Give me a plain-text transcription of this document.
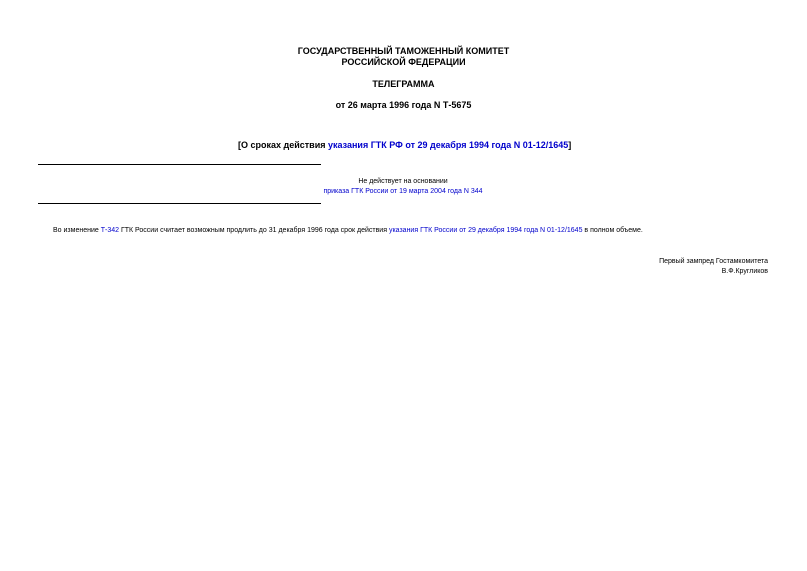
ГОСУДАРСТВЕННЫЙ ТАМОЖЕННЫЙ КОМИТЕТ
РОССИЙСКОЙ ФЕДЕРАЦИИ
ТЕЛЕГРАММА
от 26 марта 1996 года N Т-5675
[О сроках действия указания ГТК РФ от 29 декабря 1994 года N 01-12/1645]
Не действует на основании
приказа ГТК России от 19 марта 2004 года N 344
Во изменение Т-342 ГТК России считает возможным продлить до 31 декабря 1996 года срок действия указания ГТК России от 29 декабря 1994 года N 01-12/1645 в полном объеме.
Первый зампред Гостамкомитета
В.Ф.Кругликов
